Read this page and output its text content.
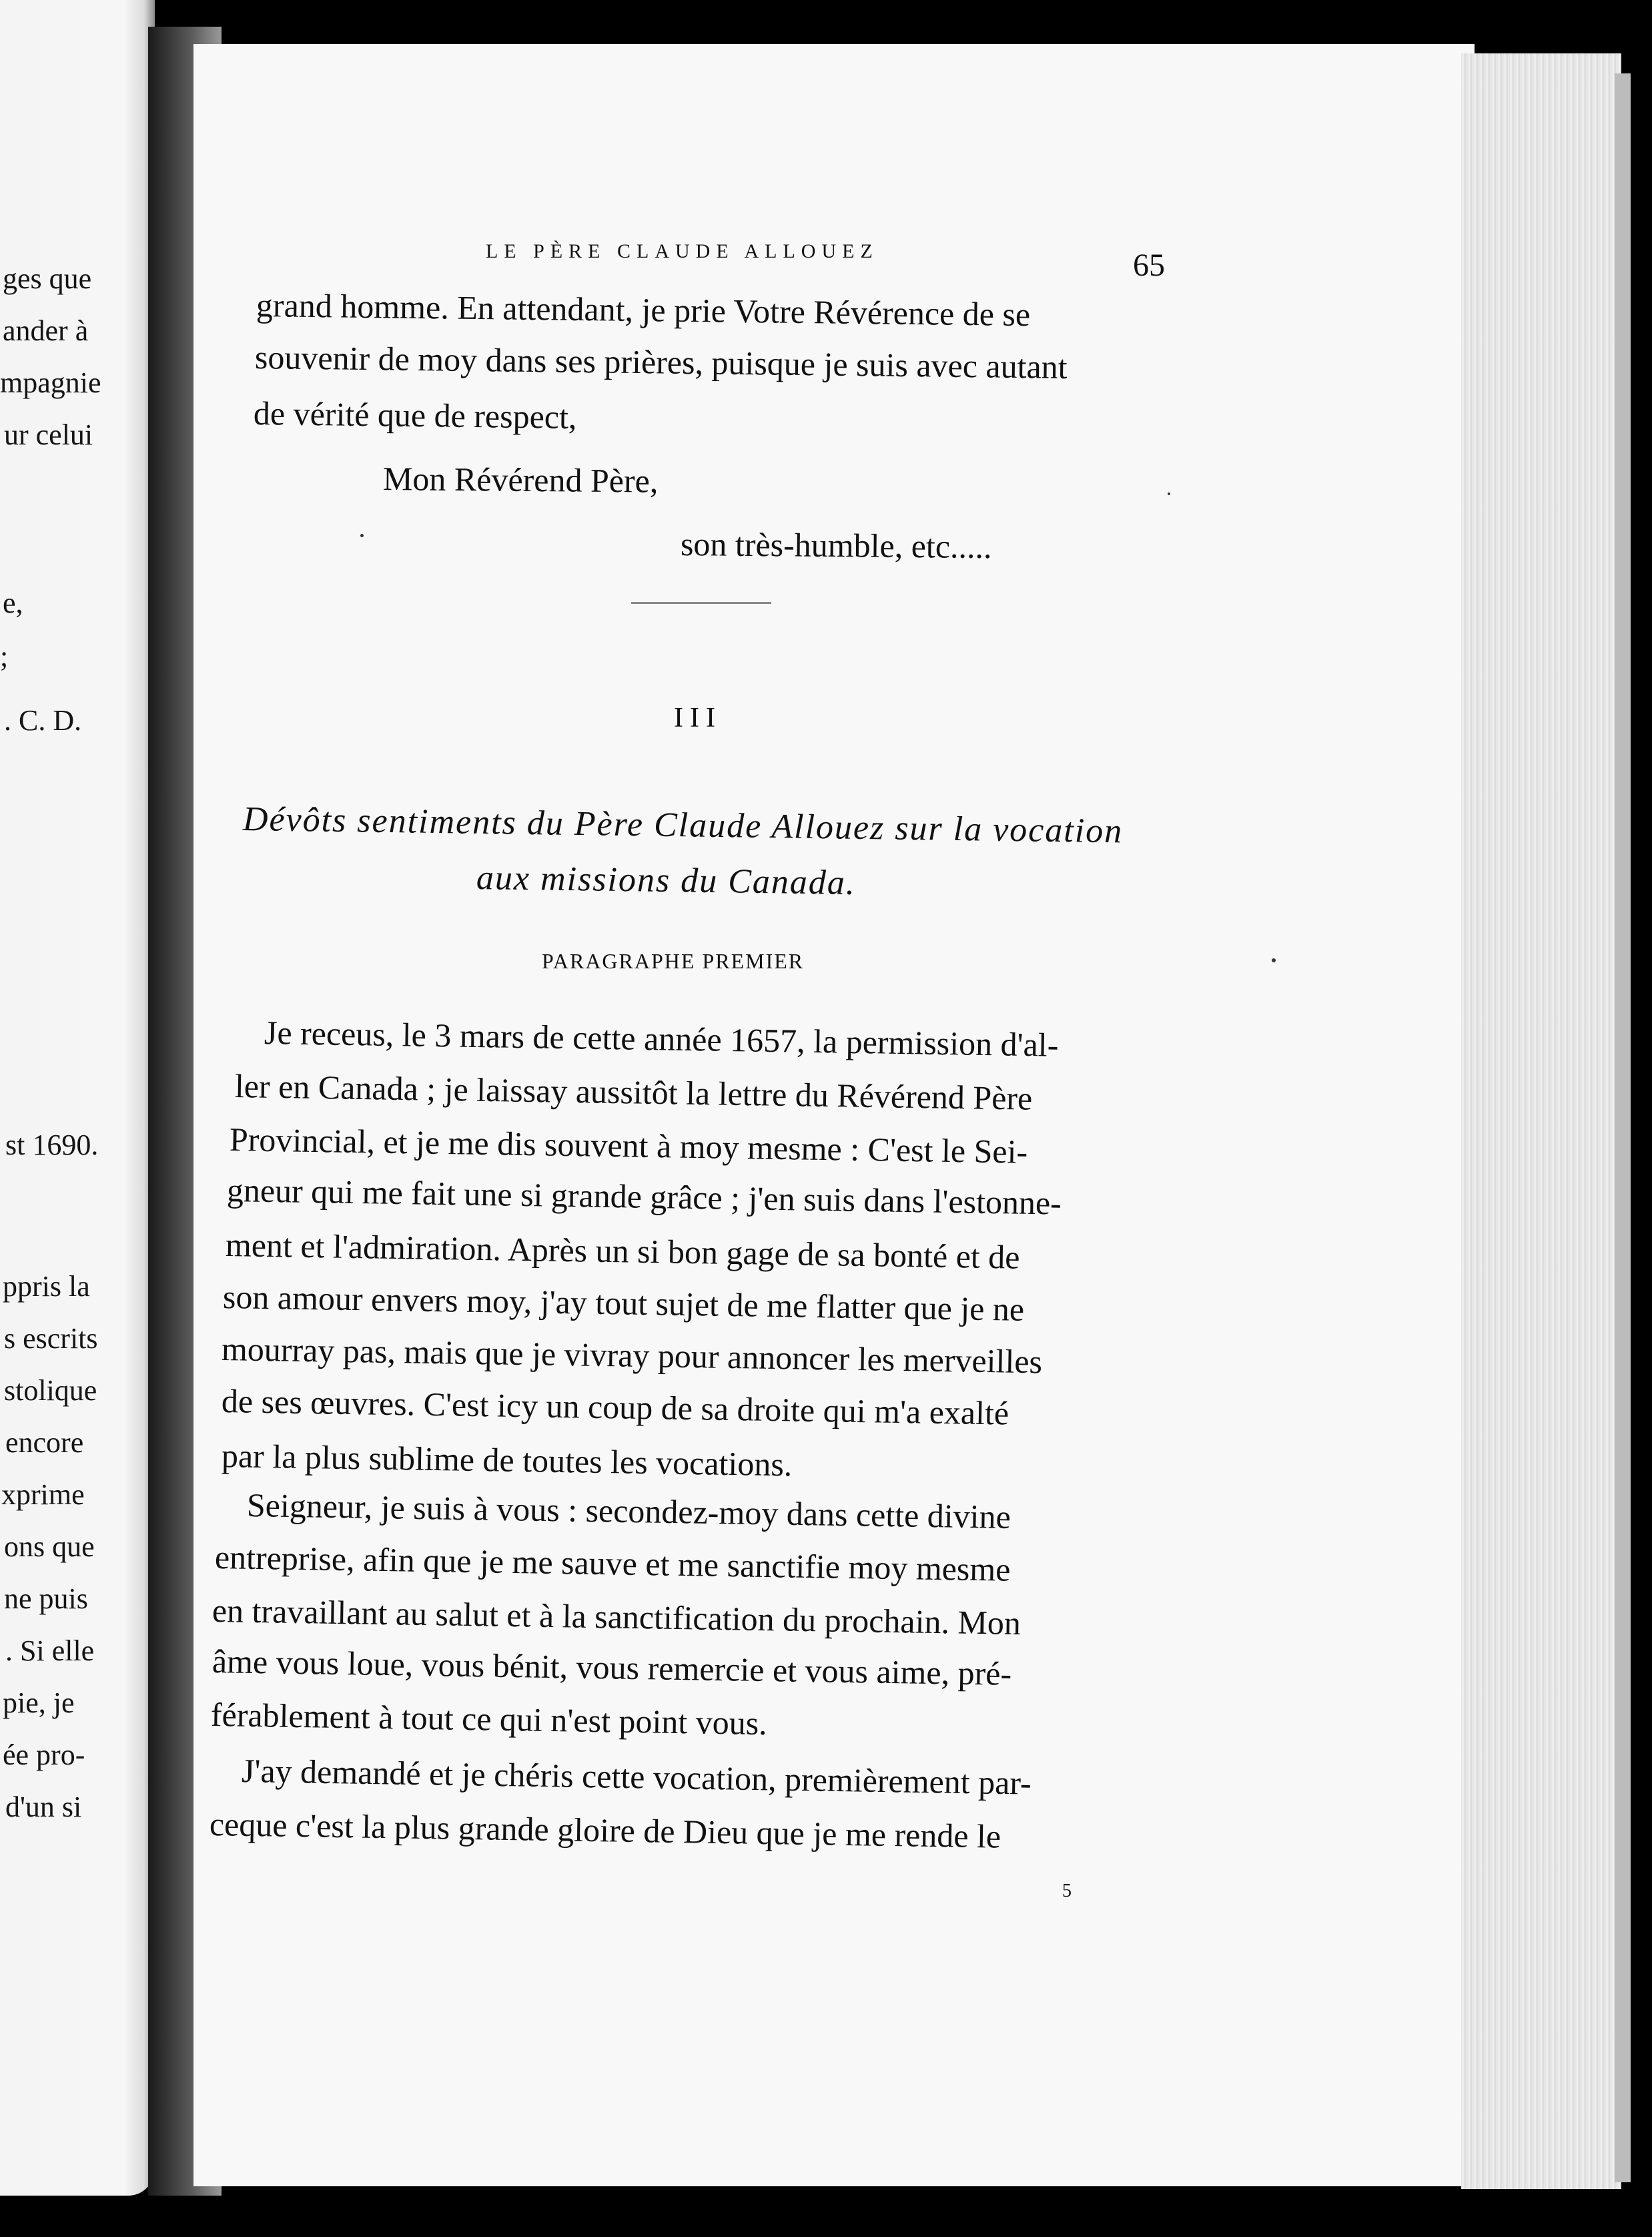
ges que
ander à
mpagnie
ur celui
e,
;
. C. D.
st 1690.
ppris la
s escrits
stolique
encore
xprime
ons que
ne puis
. Si elle
pie, je
ée pro-
d'un si
LE PÈRE CLAUDE ALLOUEZ	65
grand homme. En attendant, je prie Votre Révérence de se
souvenir de moy dans ses prières, puisque je suis avec autant
de vérité que de respect,
Mon Révérend Père,
son très-humble, etc.....
III
Dévôts sentiments du Père Claude Allouez sur la vocation
aux missions du Canada.
PARAGRAPHE PREMIER
Je receus, le 3 mars de cette année 1657, la permission d'al-
ler en Canada ; je laissay aussitôt la lettre du Révérend Père
Provincial, et je me dis souvent à moy mesme : C'est le Sei-
gneur qui me fait une si grande grâce ; j'en suis dans l'estonne-
ment et l'admiration. Après un si bon gage de sa bonté et de
son amour envers moy, j'ay tout sujet de me flatter que je ne
mourray pas, mais que je vivray pour annoncer les merveilles
de ses œuvres. C'est icy un coup de sa droite qui m'a exalté
par la plus sublime de toutes les vocations.
Seigneur, je suis à vous : secondez-moy dans cette divine
entreprise, afin que je me sauve et me sanctifie moy mesme
en travaillant au salut et à la sanctification du prochain. Mon
âme vous loue, vous bénit, vous remercie et vous aime, pré-
férablement à tout ce qui n'est point vous.
J'ay demandé et je chéris cette vocation, premièrement par-
ceque c'est la plus grande gloire de Dieu que je me rende le
5
